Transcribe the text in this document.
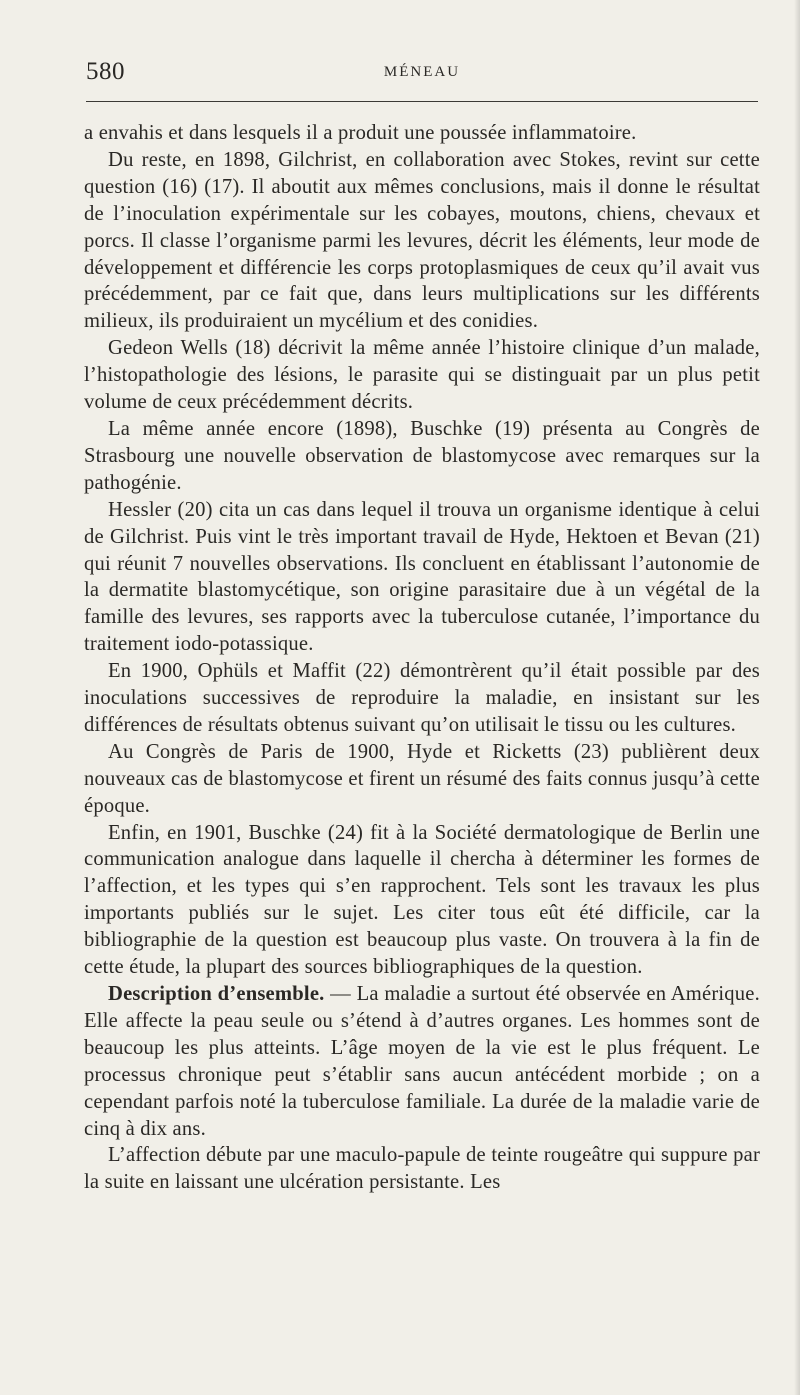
580	MÉNEAU

a envahis et dans lesquels il a produit une poussée inflammatoire.

Du reste, en 1898, Gilchrist, en collaboration avec Stokes, revint sur cette question (16) (17). Il aboutit aux mêmes conclusions, mais il donne le résultat de l’inoculation expérimentale sur les cobayes, moutons, chiens, chevaux et porcs. Il classe l’organisme parmi les levures, décrit les éléments, leur mode de développement et différencie les corps protoplasmiques de ceux qu’il avait vus précédemment, par ce fait que, dans leurs multiplications sur les différents milieux, ils produiraient un mycélium et des conidies.

Gedeon Wells (18) décrivit la même année l’histoire clinique d’un malade, l’histopathologie des lésions, le parasite qui se distinguait par un plus petit volume de ceux précédemment décrits.

La même année encore (1898), Buschke (19) présenta au Congrès de Strasbourg une nouvelle observation de blastomycose avec remarques sur la pathogénie.

Hessler (20) cita un cas dans lequel il trouva un organisme identique à celui de Gilchrist. Puis vint le très important travail de Hyde, Hektoen et Bevan (21) qui réunit 7 nouvelles observations. Ils concluent en établissant l’autonomie de la dermatite blastomycétique, son origine parasitaire due à un végétal de la famille des levures, ses rapports avec la tuberculose cutanée, l’importance du traitement iodo-potassique.

En 1900, Ophüls et Maffit (22) démontrèrent qu’il était possible par des inoculations successives de reproduire la maladie, en insistant sur les différences de résultats obtenus suivant qu’on utilisait le tissu ou les cultures.

Au Congrès de Paris de 1900, Hyde et Ricketts (23) publièrent deux nouveaux cas de blastomycose et firent un résumé des faits connus jusqu’à cette époque.

Enfin, en 1901, Buschke (24) fit à la Société dermatologique de Berlin une communication analogue dans laquelle il chercha à déterminer les formes de l’affection, et les types qui s’en rapprochent. Tels sont les travaux les plus importants publiés sur le sujet. Les citer tous eût été difficile, car la bibliographie de la question est beaucoup plus vaste. On trouvera à la fin de cette étude, la plupart des sources bibliographiques de la question.

Description d’ensemble. — La maladie a surtout été observée en Amérique. Elle affecte la peau seule ou s’étend à d’autres organes. Les hommes sont de beaucoup les plus atteints. L’âge moyen de la vie est le plus fréquent. Le processus chronique peut s’établir sans aucun antécédent morbide ; on a cependant parfois noté la tuberculose familiale. La durée de la maladie varie de cinq à dix ans.

L’affection débute par une maculo-papule de teinte rougeâtre qui suppure par la suite en laissant une ulcération persistante. Les
